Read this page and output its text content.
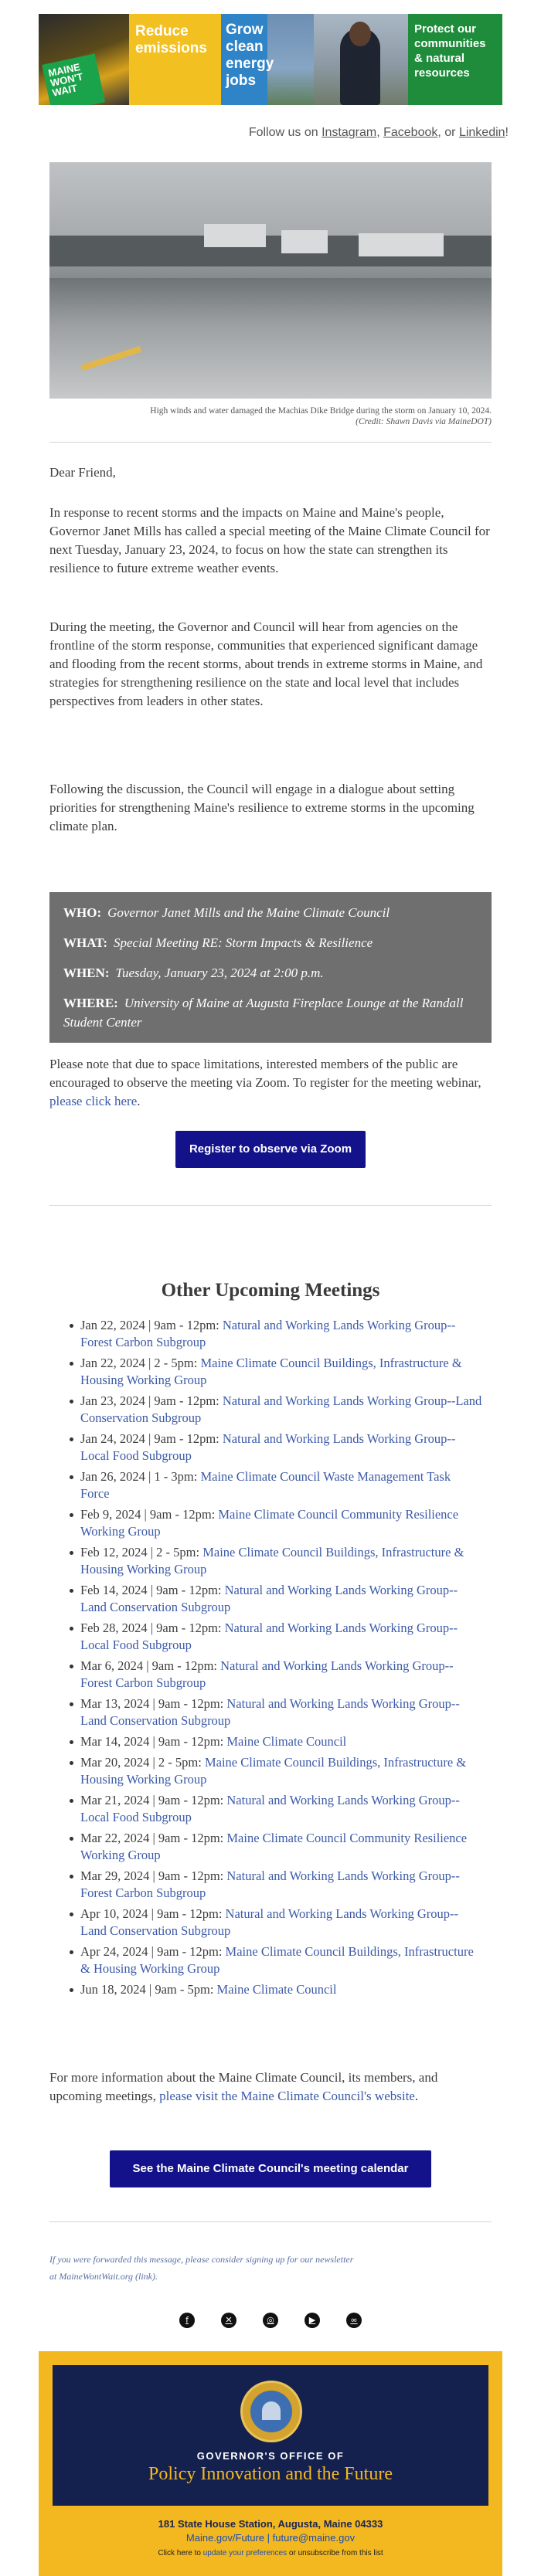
MAINE WON'T WAIT
Reduce emissions
Grow clean energy jobs
Protect our communities & natural resources
Follow us on Instagram, Facebook, or Linkedin!
High winds and water damaged the Machias Dike Bridge during the storm on January 10, 2024.
(Credit: Shawn Davis via MaineDOT)

Dear Friend,

In response to recent storms and the impacts on Maine and Maine's people, Governor Janet Mills has called a special meeting of the Maine Climate Council for next Tuesday, January 23, 2024, to focus on how the state can strengthen its resilience to future extreme weather events.

During the meeting, the Governor and Council will hear from agencies on the frontline of the storm response, communities that experienced significant damage and flooding from the recent storms, about trends in extreme storms in Maine, and strategies for strengthening resilience on the state and local level that includes perspectives from leaders in other states.

Following the discussion, the Council will engage in a dialogue about setting priorities for strengthening Maine's resilience to extreme storms in the upcoming climate plan.

WHO: Governor Janet Mills and the Maine Climate Council
WHAT: Special Meeting RE: Storm Impacts & Resilience
WHEN: Tuesday, January 23, 2024 at 2:00 p.m.
WHERE: University of Maine at Augusta Fireplace Lounge at the Randall Student Center

Please note that due to space limitations, interested members of the public are encouraged to observe the meeting via Zoom. To register for the meeting webinar, please click here.

Register to observe via Zoom
Other Upcoming Meetings
Jan 22, 2024 | 9am - 12pm: Natural and Working Lands Working Group--Forest Carbon Subgroup
Jan 22, 2024 | 2 - 5pm: Maine Climate Council Buildings, Infrastructure & Housing Working Group
Jan 23, 2024 | 9am - 12pm: Natural and Working Lands Working Group--Land Conservation Subgroup
Jan 24, 2024 | 9am - 12pm: Natural and Working Lands Working Group--Local Food Subgroup
Jan 26, 2024 | 1 - 3pm: Maine Climate Council Waste Management Task Force
Feb 9, 2024 | 9am - 12pm: Maine Climate Council Community Resilience Working Group
Feb 12, 2024 | 2 - 5pm: Maine Climate Council Buildings, Infrastructure & Housing Working Group
Feb 14, 2024 | 9am - 12pm: Natural and Working Lands Working Group--Land Conservation Subgroup
Feb 28, 2024 | 9am - 12pm: Natural and Working Lands Working Group--Local Food Subgroup
Mar 6, 2024 | 9am - 12pm: Natural and Working Lands Working Group--Forest Carbon Subgroup
Mar 13, 2024 | 9am - 12pm: Natural and Working Lands Working Group--Land Conservation Subgroup
Mar 14, 2024 | 9am - 12pm: Maine Climate Council
Mar 20, 2024 | 2 - 5pm: Maine Climate Council Buildings, Infrastructure & Housing Working Group
Mar 21, 2024 | 9am - 12pm: Natural and Working Lands Working Group--Local Food Subgroup
Mar 22, 2024 | 9am - 12pm: Maine Climate Council Community Resilience Working Group
Mar 29, 2024 | 9am - 12pm: Natural and Working Lands Working Group--Forest Carbon Subgroup
Apr 10, 2024 | 9am - 12pm: Natural and Working Lands Working Group--Land Conservation Subgroup
Apr 24, 2024 | 9am - 12pm: Maine Climate Council Buildings, Infrastructure & Housing Working Group
Jun 18, 2024 | 9am - 5pm: Maine Climate Council

For more information about the Maine Climate Council, its members, and upcoming meetings, please visit the Maine Climate Council's website.

See the Maine Climate Council's meeting calendar
If you were forwarded this message, please consider signing up for our newsletter
at MaineWontWait.org (link).
f	✕	◎	▶	∞
GOVERNOR'S OFFICE OF
Policy Innovation and the Future
181 State House Station, Augusta, Maine 04333
Maine.gov/Future | future@maine.gov
Click here to update your preferences or unsubscribe from this list
